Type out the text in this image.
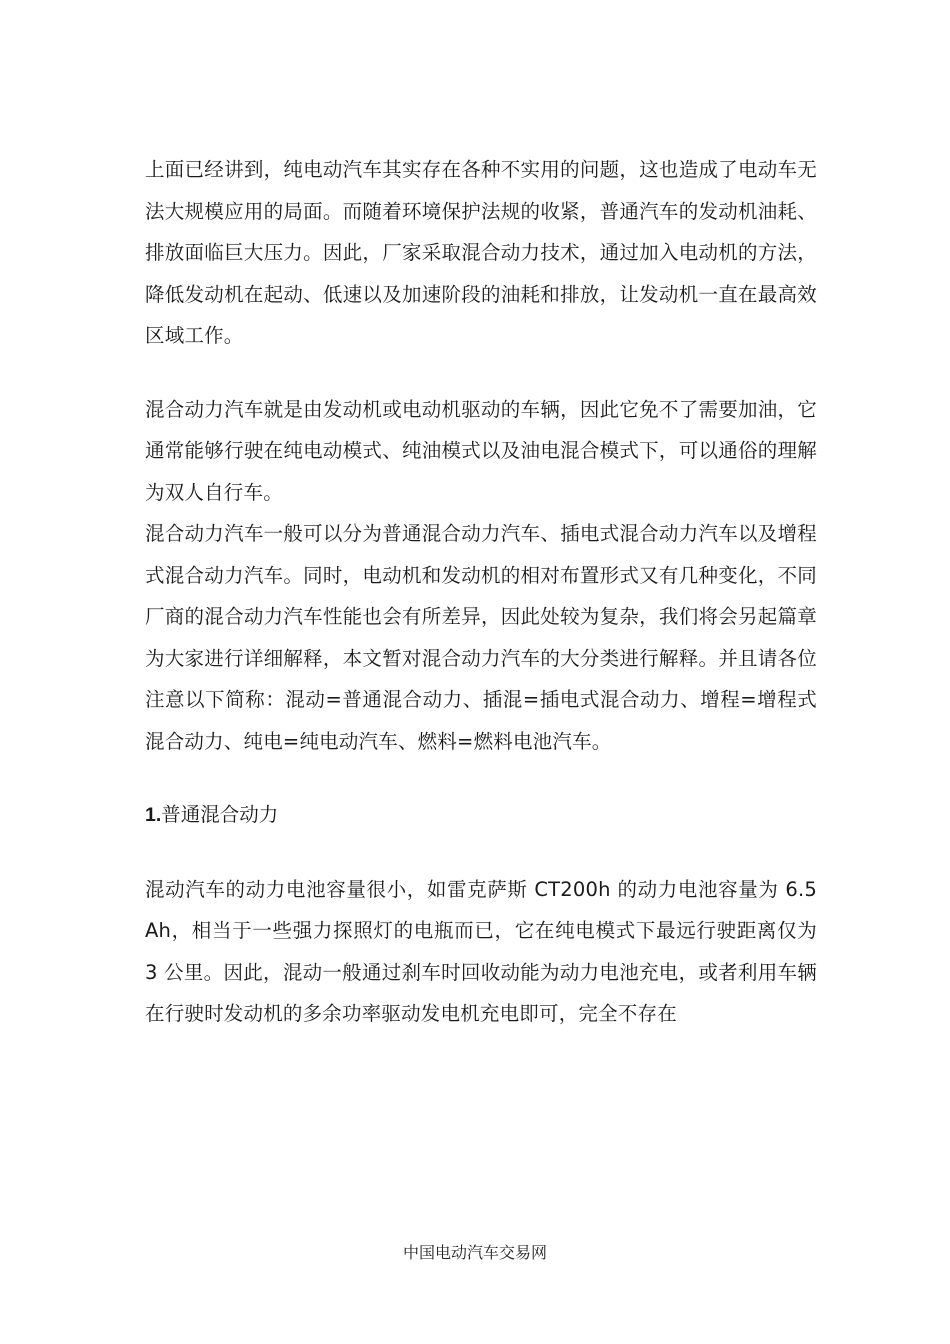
上面已经讲到，纯电动汽车其实存在各种不实用的问题，这也造成了电动车无法大规模应用的局面。而随着环境保护法规的收紧，普通汽车的发动机油耗、排放面临巨大压力。因此，厂家采取混合动力技术，通过加入电动机的方法，降低发动机在起动、低速以及加速阶段的油耗和排放，让发动机一直在最高效区域工作。

混合动力汽车就是由发动机或电动机驱动的车辆，因此它免不了需要加油，它通常能够行驶在纯电动模式、纯油模式以及油电混合模式下，可以通俗的理解为双人自行车。

混合动力汽车一般可以分为普通混合动力汽车、插电式混合动力汽车以及增程式混合动力汽车。同时，电动机和发动机的相对布置形式又有几种变化，不同厂商的混合动力汽车性能也会有所差异，因此处较为复杂，我们将会另起篇章为大家进行详细解释，本文暂对混合动力汽车的大分类进行解释。并且请各位注意以下简称：混动=普通混合动力、插混=插电式混合动力、增程=增程式混合动力、纯电=纯电动汽车、燃料=燃料电池汽车。

1.普通混合动力

混动汽车的动力电池容量很小，如雷克萨斯 CT200h 的动力电池容量为 6.5Ah，相当于一些强力探照灯的电瓶而已，它在纯电模式下最远行驶距离仅为 3 公里。因此，混动一般通过刹车时回收动能为动力电池充电，或者利用车辆在行驶时发动机的多余功率驱动发电机充电即可，完全不存在

中国电动汽车交易网
